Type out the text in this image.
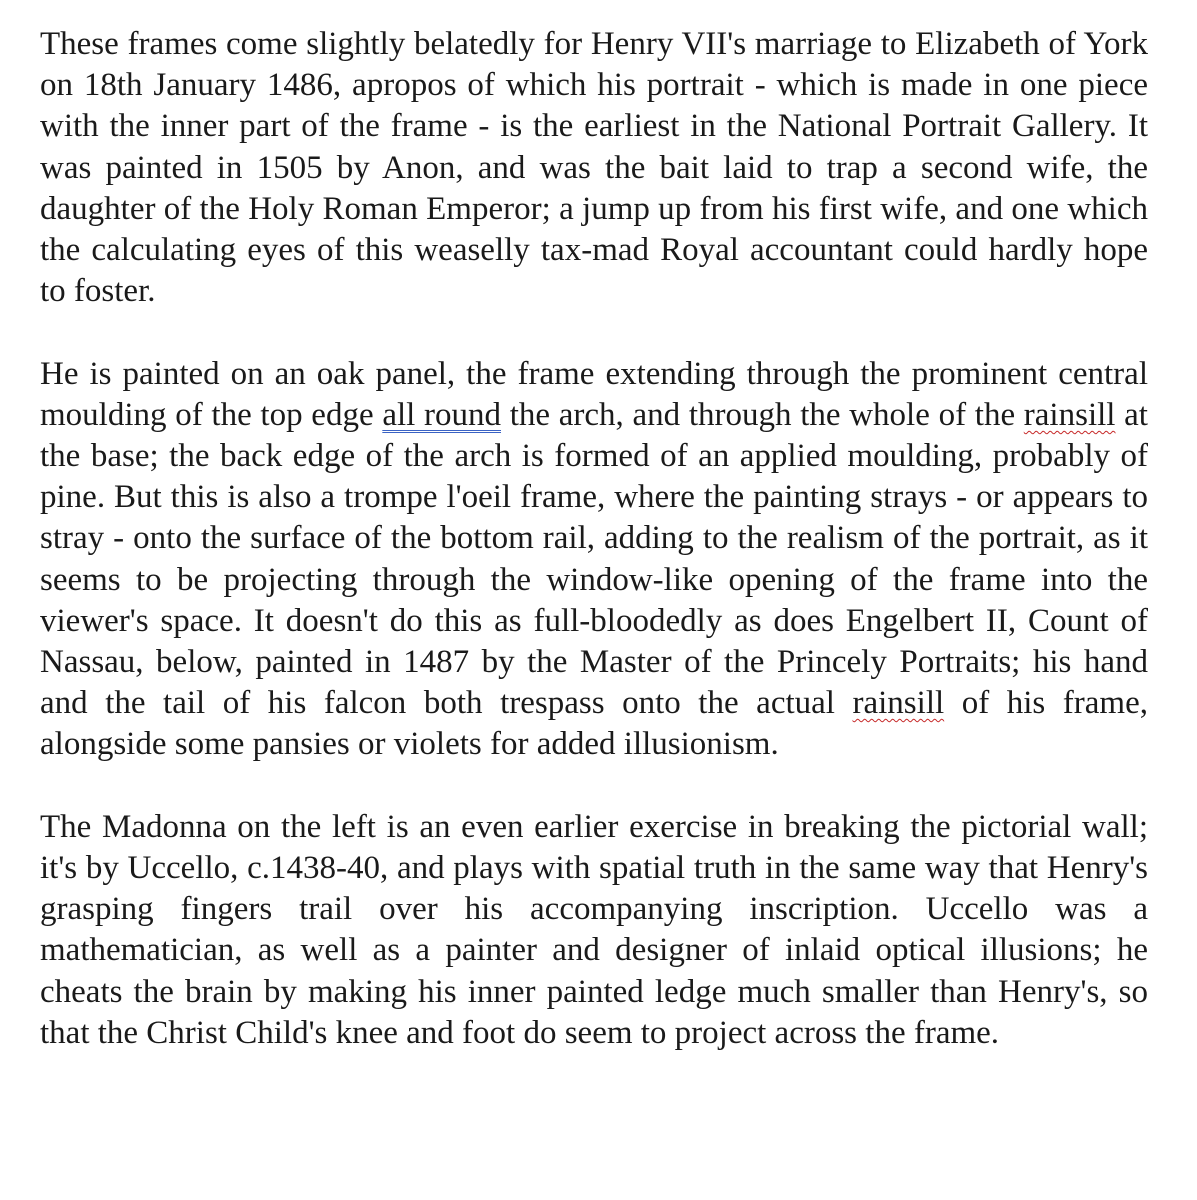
These frames come slightly belatedly for Henry VII's marriage to Elizabeth of York on 18th January 1486, apropos of which his portrait - which is made in one piece with the inner part of the frame - is the earliest in the National Portrait Gallery. It was painted in 1505 by Anon, and was the bait laid to trap a second wife, the daughter of the Holy Roman Emperor; a jump up from his first wife, and one which the calculating eyes of this weaselly tax-mad Royal accountant could hardly hope to foster.

He is painted on an oak panel, the frame extending through the prominent central moulding of the top edge all round the arch, and through the whole of the rainsill at the base; the back edge of the arch is formed of an applied moulding, probably of pine. But this is also a trompe l'oeil frame, where the painting strays - or appears to stray - onto the surface of the bottom rail, adding to the realism of the portrait, as it seems to be projecting through the window-like opening of the frame into the viewer's space. It doesn't do this as full-bloodedly as does Engelbert II, Count of Nassau, below, painted in 1487 by the Master of the Princely Portraits; his hand and the tail of his falcon both trespass onto the actual rainsill of his frame, alongside some pansies or violets for added illusionism.

The Madonna on the left is an even earlier exercise in breaking the pictorial wall; it's by Uccello, c.1438-40, and plays with spatial truth in the same way that Henry's grasping fingers trail over his accompanying inscription. Uccello was a mathematician, as well as a painter and designer of inlaid optical illusions; he cheats the brain by making his inner painted ledge much smaller than Henry's, so that the Christ Child's knee and foot do seem to project across the frame.
